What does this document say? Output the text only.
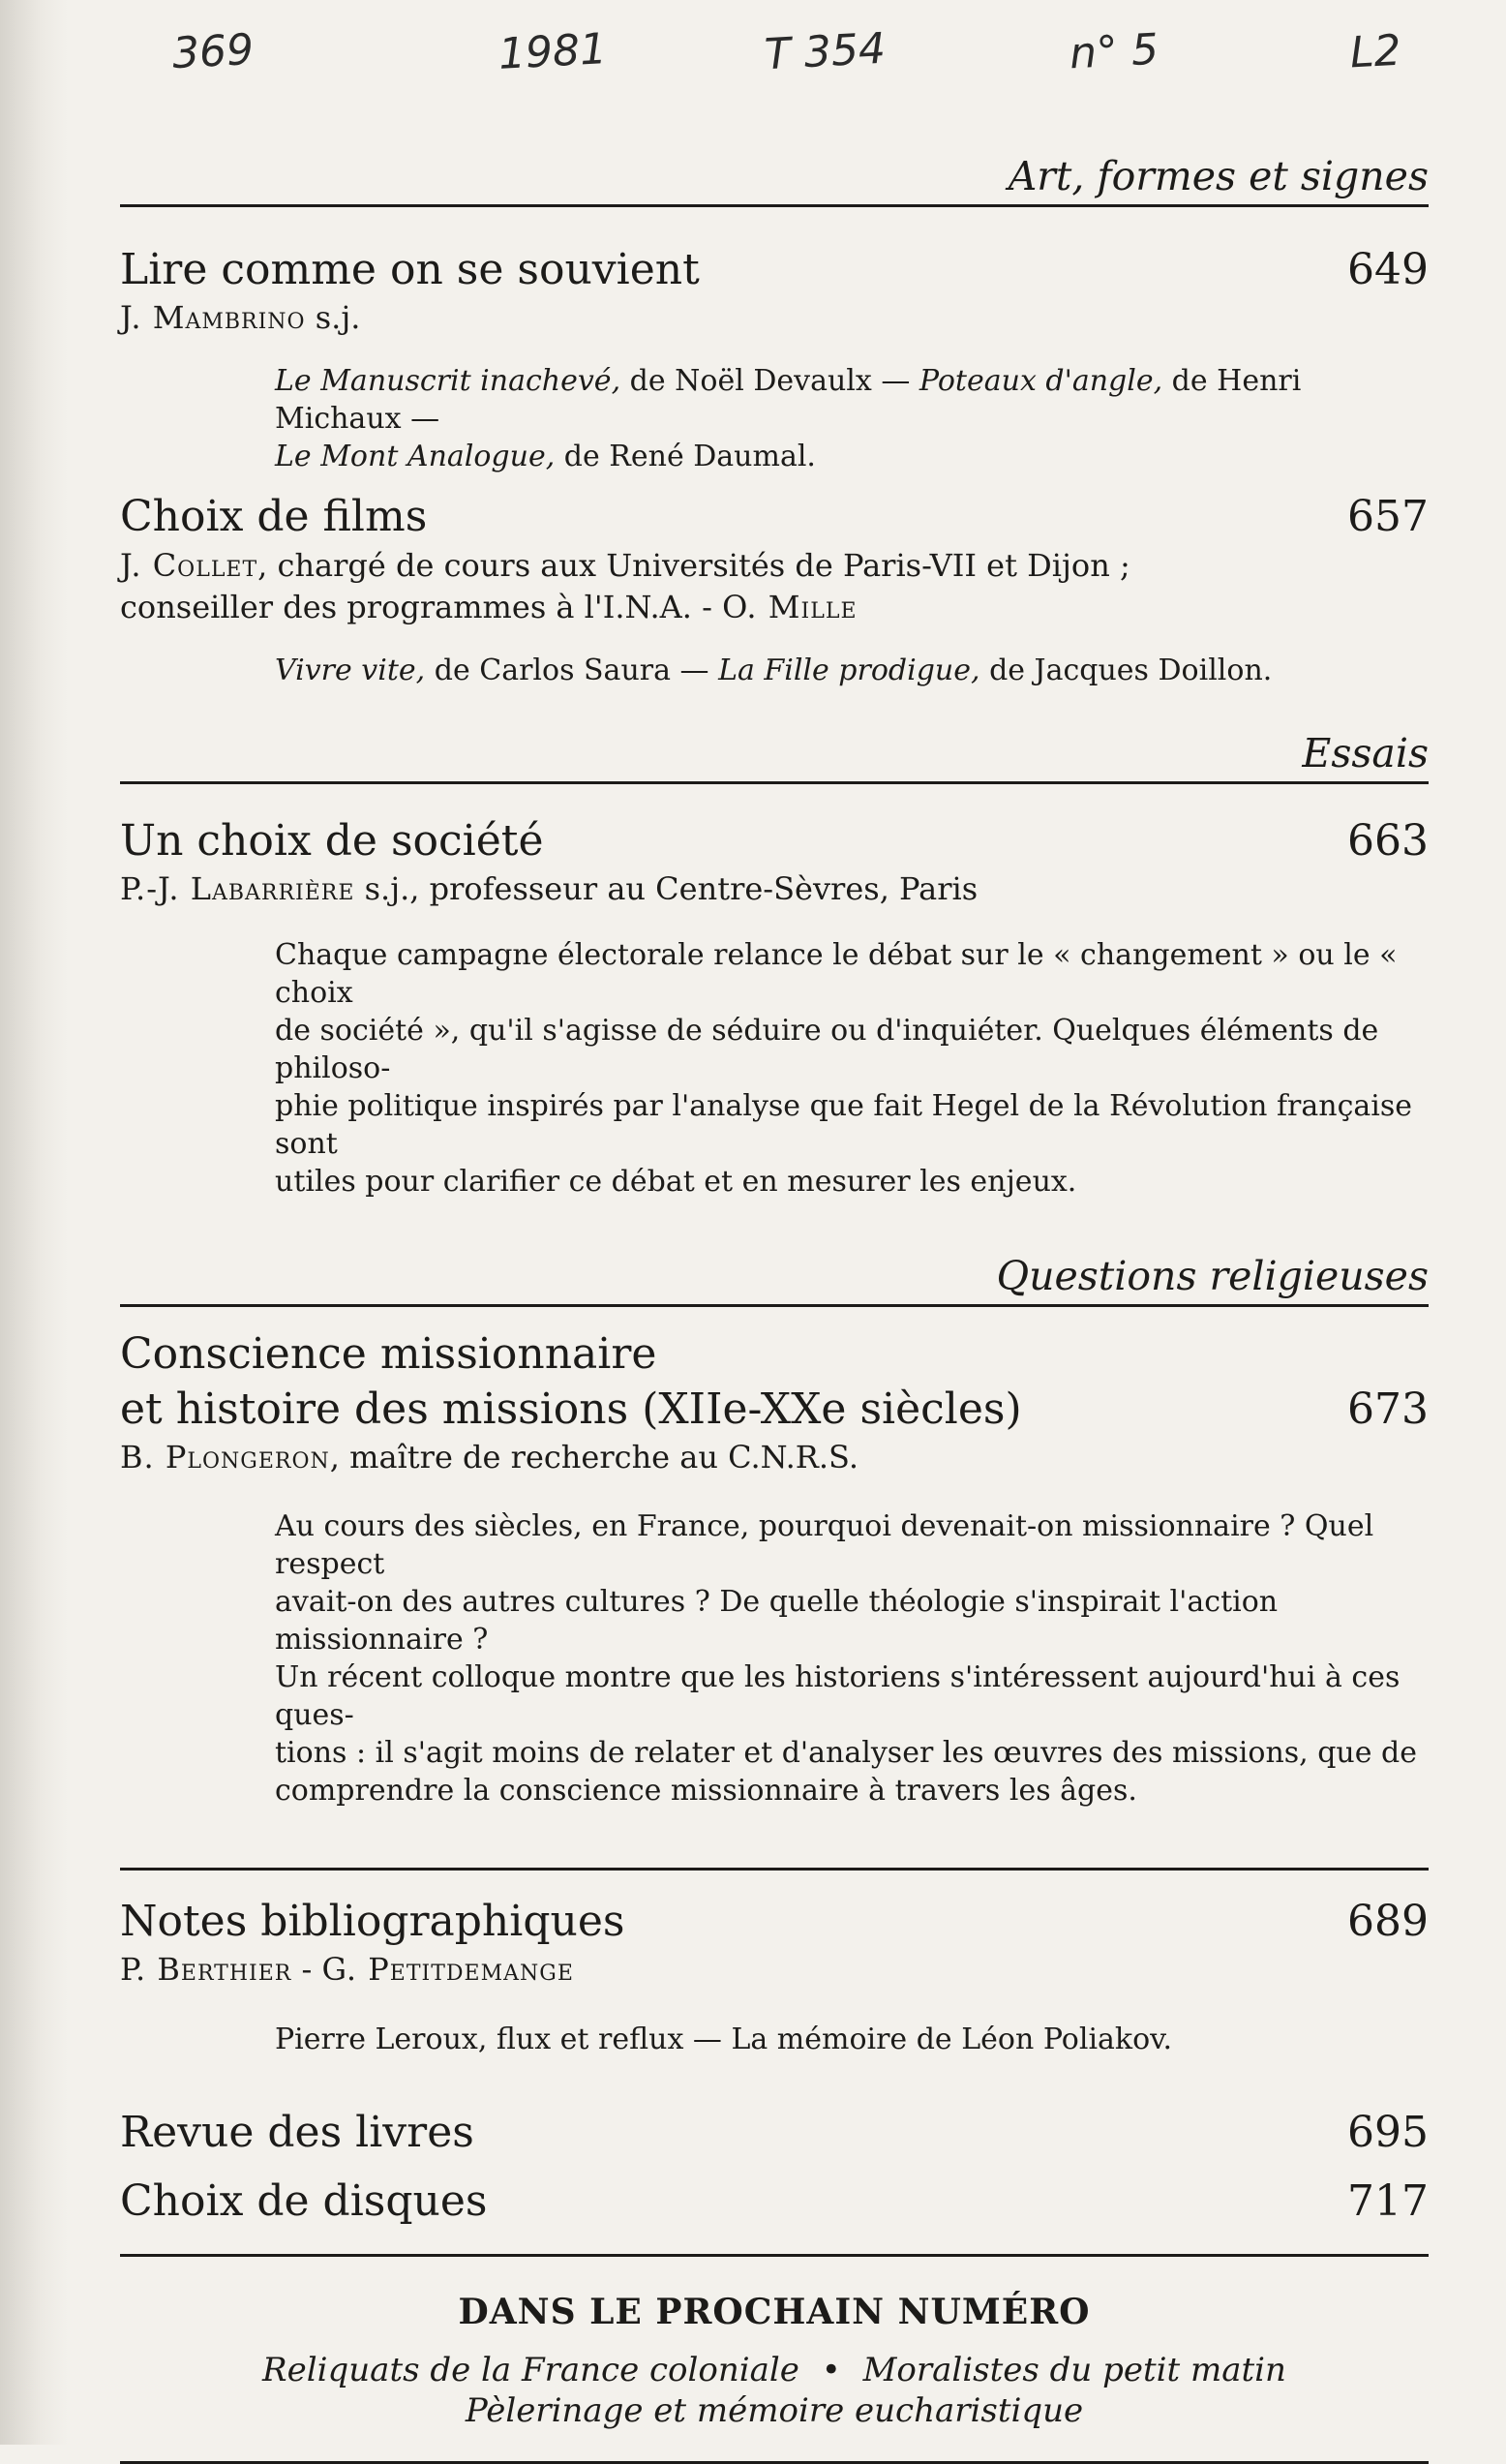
369	1981	T 354	n° 5	L2
Art, formes et signes
Lire comme on se souvient	649
J. Mambrino s.j.
Le Manuscrit inachevé, de Noël Devaulx — Poteaux d'angle, de Henri Michaux —
Le Mont Analogue, de René Daumal.
Choix de films	657
J. Collet, chargé de cours aux Universités de Paris-VII et Dijon ;
conseiller des programmes à l'I.N.A. - O. Mille
Vivre vite, de Carlos Saura — La Fille prodigue, de Jacques Doillon.
Essais
Un choix de société	663
P.-J. Labarrière s.j., professeur au Centre-Sèvres, Paris
Chaque campagne électorale relance le débat sur le « changement » ou le « choix
de société », qu'il s'agisse de séduire ou d'inquiéter. Quelques éléments de philoso-
phie politique inspirés par l'analyse que fait Hegel de la Révolution française sont
utiles pour clarifier ce débat et en mesurer les enjeux.
Questions religieuses
Conscience missionnaire
et histoire des missions (XIIe-XXe siècles)	673
B. Plongeron, maître de recherche au C.N.R.S.
Au cours des siècles, en France, pourquoi devenait-on missionnaire ? Quel respect
avait-on des autres cultures ? De quelle théologie s'inspirait l'action missionnaire ?
Un récent colloque montre que les historiens s'intéressent aujourd'hui à ces ques-
tions : il s'agit moins de relater et d'analyser les œuvres des missions, que de
comprendre la conscience missionnaire à travers les âges.
Notes bibliographiques	689
P. Berthier - G. Petitdemange
Pierre Leroux, flux et reflux — La mémoire de Léon Poliakov.
Revue des livres	695
Choix de disques	717
DANS LE PROCHAIN NUMÉRO
Reliquats de la France coloniale • Moralistes du petit matin
Pèlerinage et mémoire eucharistique
